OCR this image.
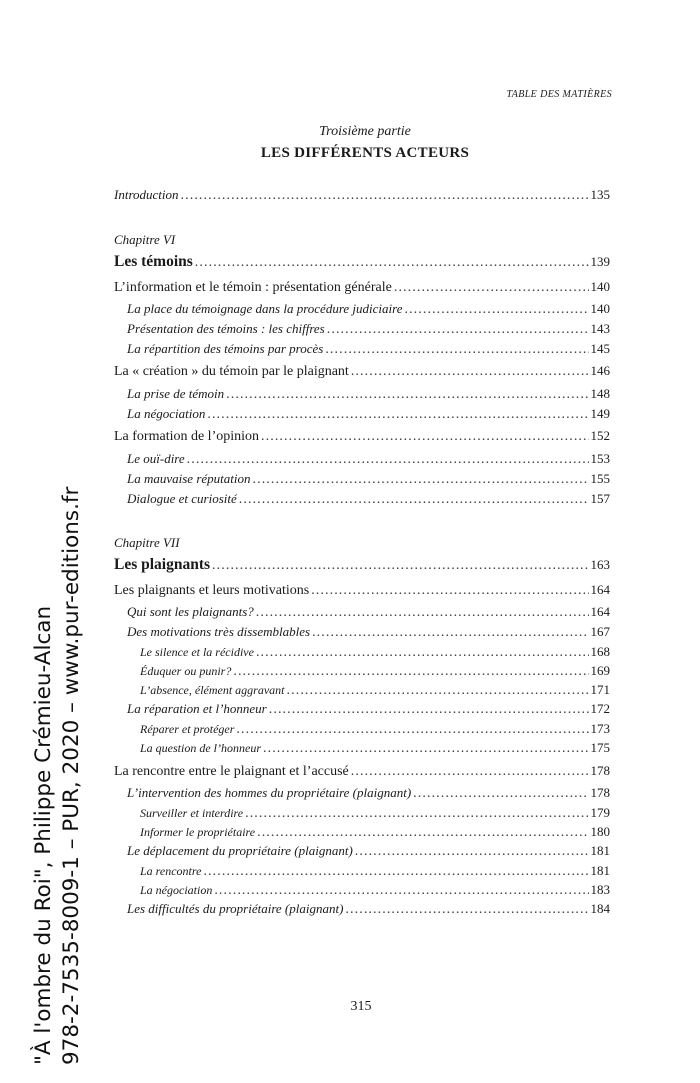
TABLE DES MATIÈRES
Troisième partie
LES DIFFÉRENTS ACTEURS
Introduction . . .	135
Chapitre VI
Les témoins . . .	139
L’information et le témoin : présentation générale . . .	140
La place du témoignage dans la procédure judiciaire . . .	140
Présentation des témoins : les chiffres . . .	143
La répartition des témoins par procès . . .	145
La « création » du témoin par le plaignant . . .	146
La prise de témoin . . .	148
La négociation . . .	149
La formation de l’opinion . . .	152
Le ouï-dire . . .	153
La mauvaise réputation . . .	155
Dialogue et curiosité . . .	157
Chapitre VII
Les plaignants . . .	163
Les plaignants et leurs motivations . . .	164
Qui sont les plaignants? . . .	164
Des motivations très dissemblables . . .	167
Le silence et la récidive . . .	168
Éduquer ou punir? . . .	169
L’absence, élément aggravant . . .	171
La réparation et l’honneur . . .	172
Réparer et protéger . . .	173
La question de l’honneur . . .	175
La rencontre entre le plaignant et l’accusé . . .	178
L’intervention des hommes du propriétaire (plaignant) . . .	178
Surveiller et interdire . . .	179
Informer le propriétaire . . .	180
Le déplacement du propriétaire (plaignant) . . .	181
La rencontre . . .	181
La négociation . . .	183
Les difficultés du propriétaire (plaignant) . . .	184
315
"À l'ombre du Roi", Philippe Crémieu-Alcan 978-2-7535-8009-1 – PUR, 2020 – www.pur-editions.fr
